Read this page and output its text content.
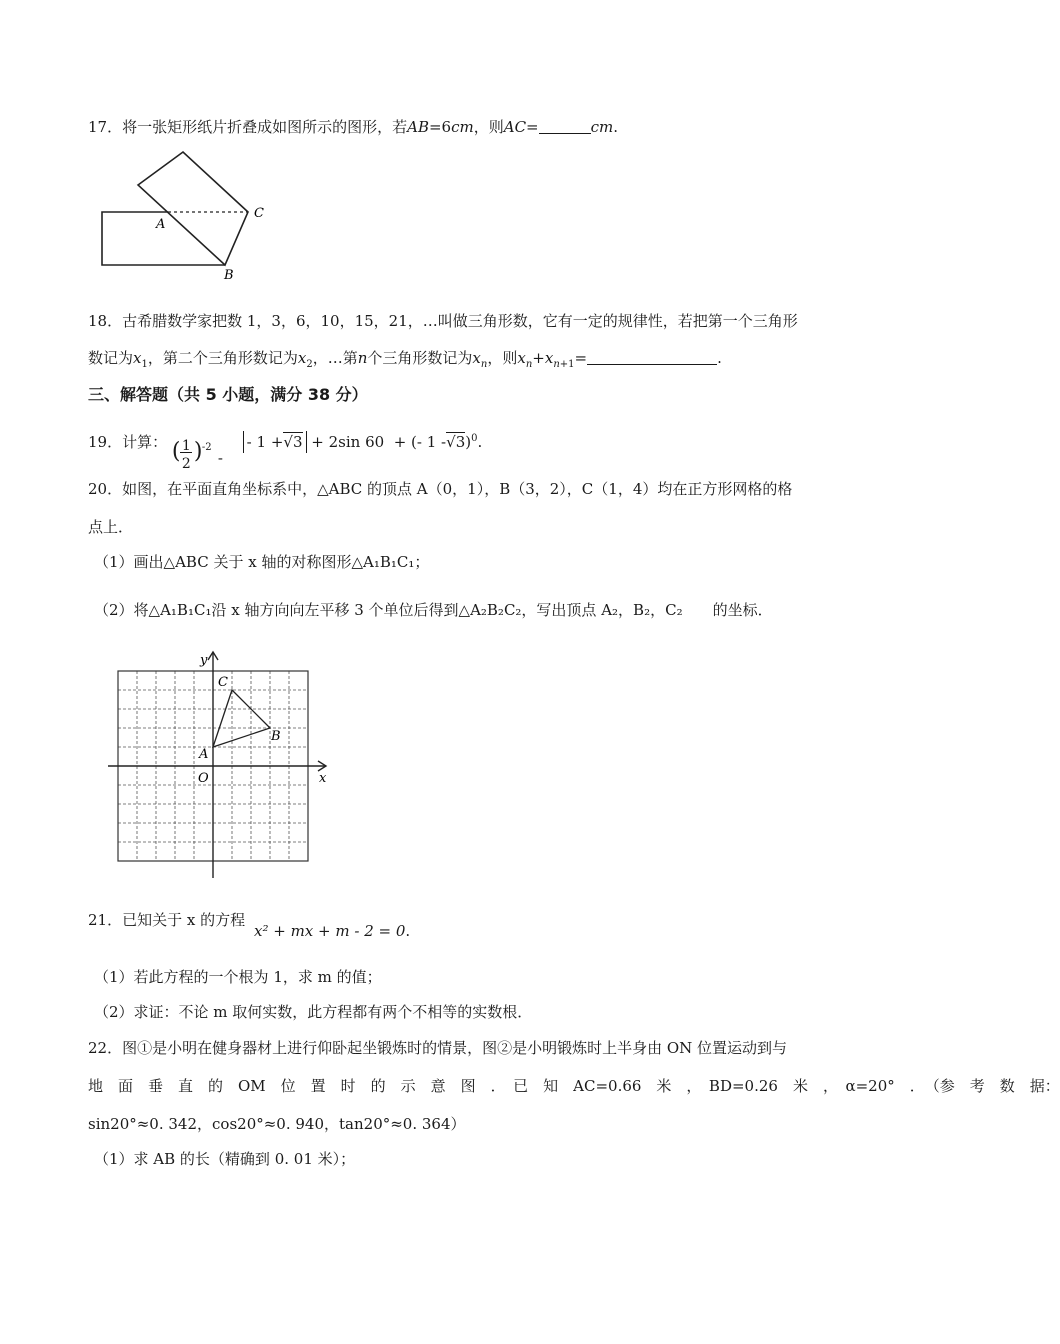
17．将一张矩形纸片折叠成如图所示的图形，若AB=6cm，则AC=	cm.
A
C
B
18．古希腊数学家把数 1，3，6，10，15，21，…叫做三角形数，它有一定的规律性，若把第一个三角形
数记为$x_1$，第二个三角形数记为$x_2$，…第n个三角形数记为$x_n$，则$x_n+x_{n+1}=$	.
三、解答题（共 5 小题，满分 38 分）
19．计算： ( 1
2 ) -2
-
- 1 +√3 + 2sin 60 + (- 1 -√3)$^0$.
20．如图，在平面直角坐标系中，△ABC 的顶点 A（0，1），B（3，2），C（1，4）均在正方形网格的格
点上．
（1）画出△ABC 关于 x 轴的对称图形△A₁B₁C₁；
（2）将△A₁B₁C₁沿 x 轴方向向左平移 3 个单位后得到△A₂B₂C₂，写出顶点 A₂，B₂，C₂　　的坐标．
y
x
O
A
B
C
21．已知关于 x 的方程
x² + mx + m - 2 = 0.
（1）若此方程的一个根为 1，求 m 的值；
（2）求证：不论 m 取何实数，此方程都有两个不相等的实数根．
22．图①是小明在健身器材上进行仰卧起坐锻炼时的情景，图②是小明锻炼时上半身由 ON 位置运动到与
地　面　垂　直　的　OM　位　置　时　的　示　意　图　．　已　知　AC=0.66　米　，　BD=0.26　米　，　α=20°　．　（参　考　数　据：
sin20°≈0. 342，cos20°≈0. 940，tan20°≈0. 364）
（1）求 AB 的长（精确到 0. 01 米）；
